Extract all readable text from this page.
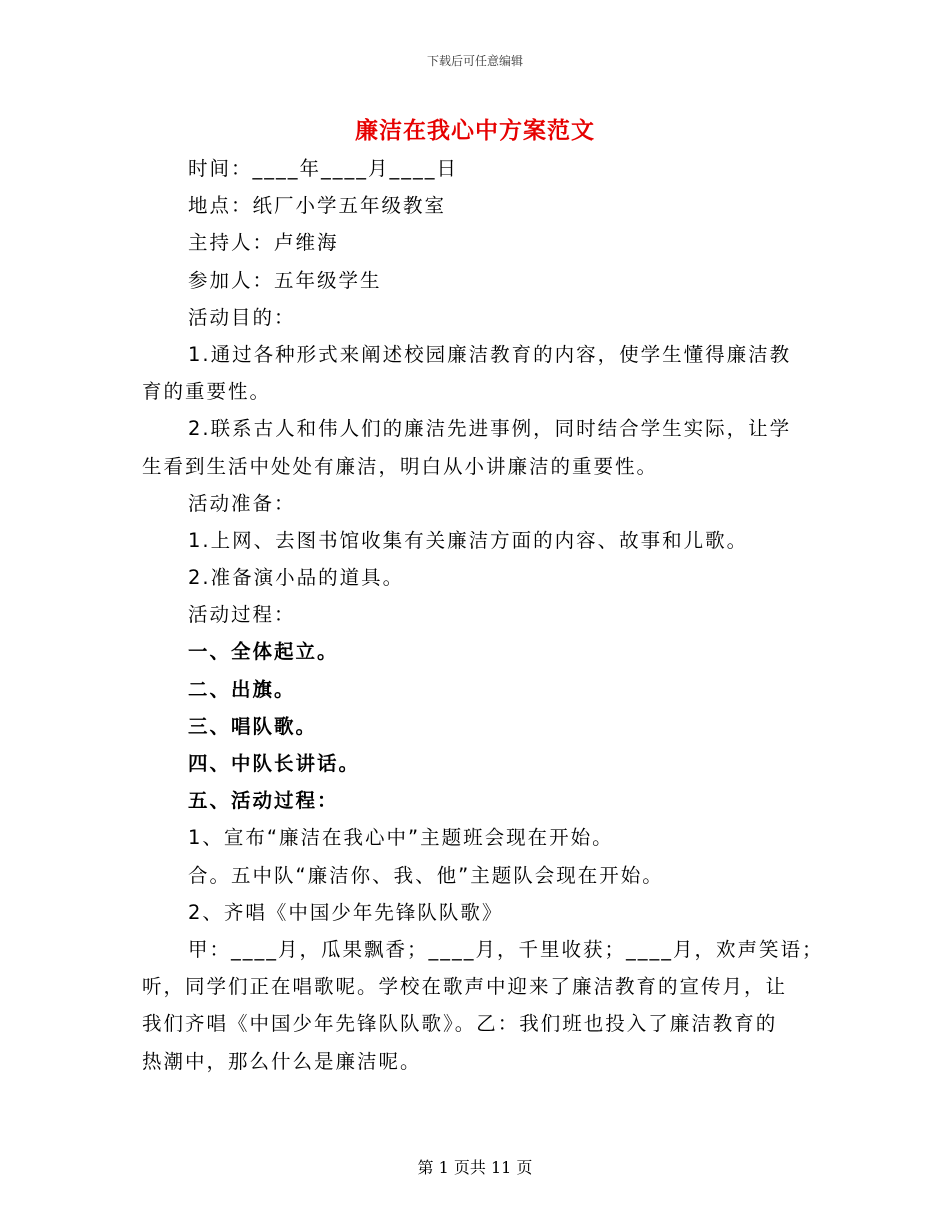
下载后可任意编辑
廉洁在我心中方案范文
时间：____年____月____日
地点：纸厂小学五年级教室
主持人：卢维海
参加人：五年级学生
活动目的：
1.通过各种形式来阐述校园廉洁教育的内容，使学生懂得廉洁教
育的重要性。
2.联系古人和伟人们的廉洁先进事例，同时结合学生实际，让学
生看到生活中处处有廉洁，明白从小讲廉洁的重要性。
活动准备：
1.上网、去图书馆收集有关廉洁方面的内容、故事和儿歌。
2.准备演小品的道具。
活动过程：
一、全体起立。
二、出旗。
三、唱队歌。
四、中队长讲话。
五、活动过程：
1、宣布“廉洁在我心中”主题班会现在开始。
合。五中队“廉洁你、我、他”主题队会现在开始。
2、齐唱《中国少年先锋队队歌》
甲：____月，瓜果飘香；____月，千里收获；____月，欢声笑语；
听，同学们正在唱歌呢。学校在歌声中迎来了廉洁教育的宣传月，让
我们齐唱《中国少年先锋队队歌》。乙：我们班也投入了廉洁教育的
热潮中，那么什么是廉洁呢。
第 1 页共 11 页
